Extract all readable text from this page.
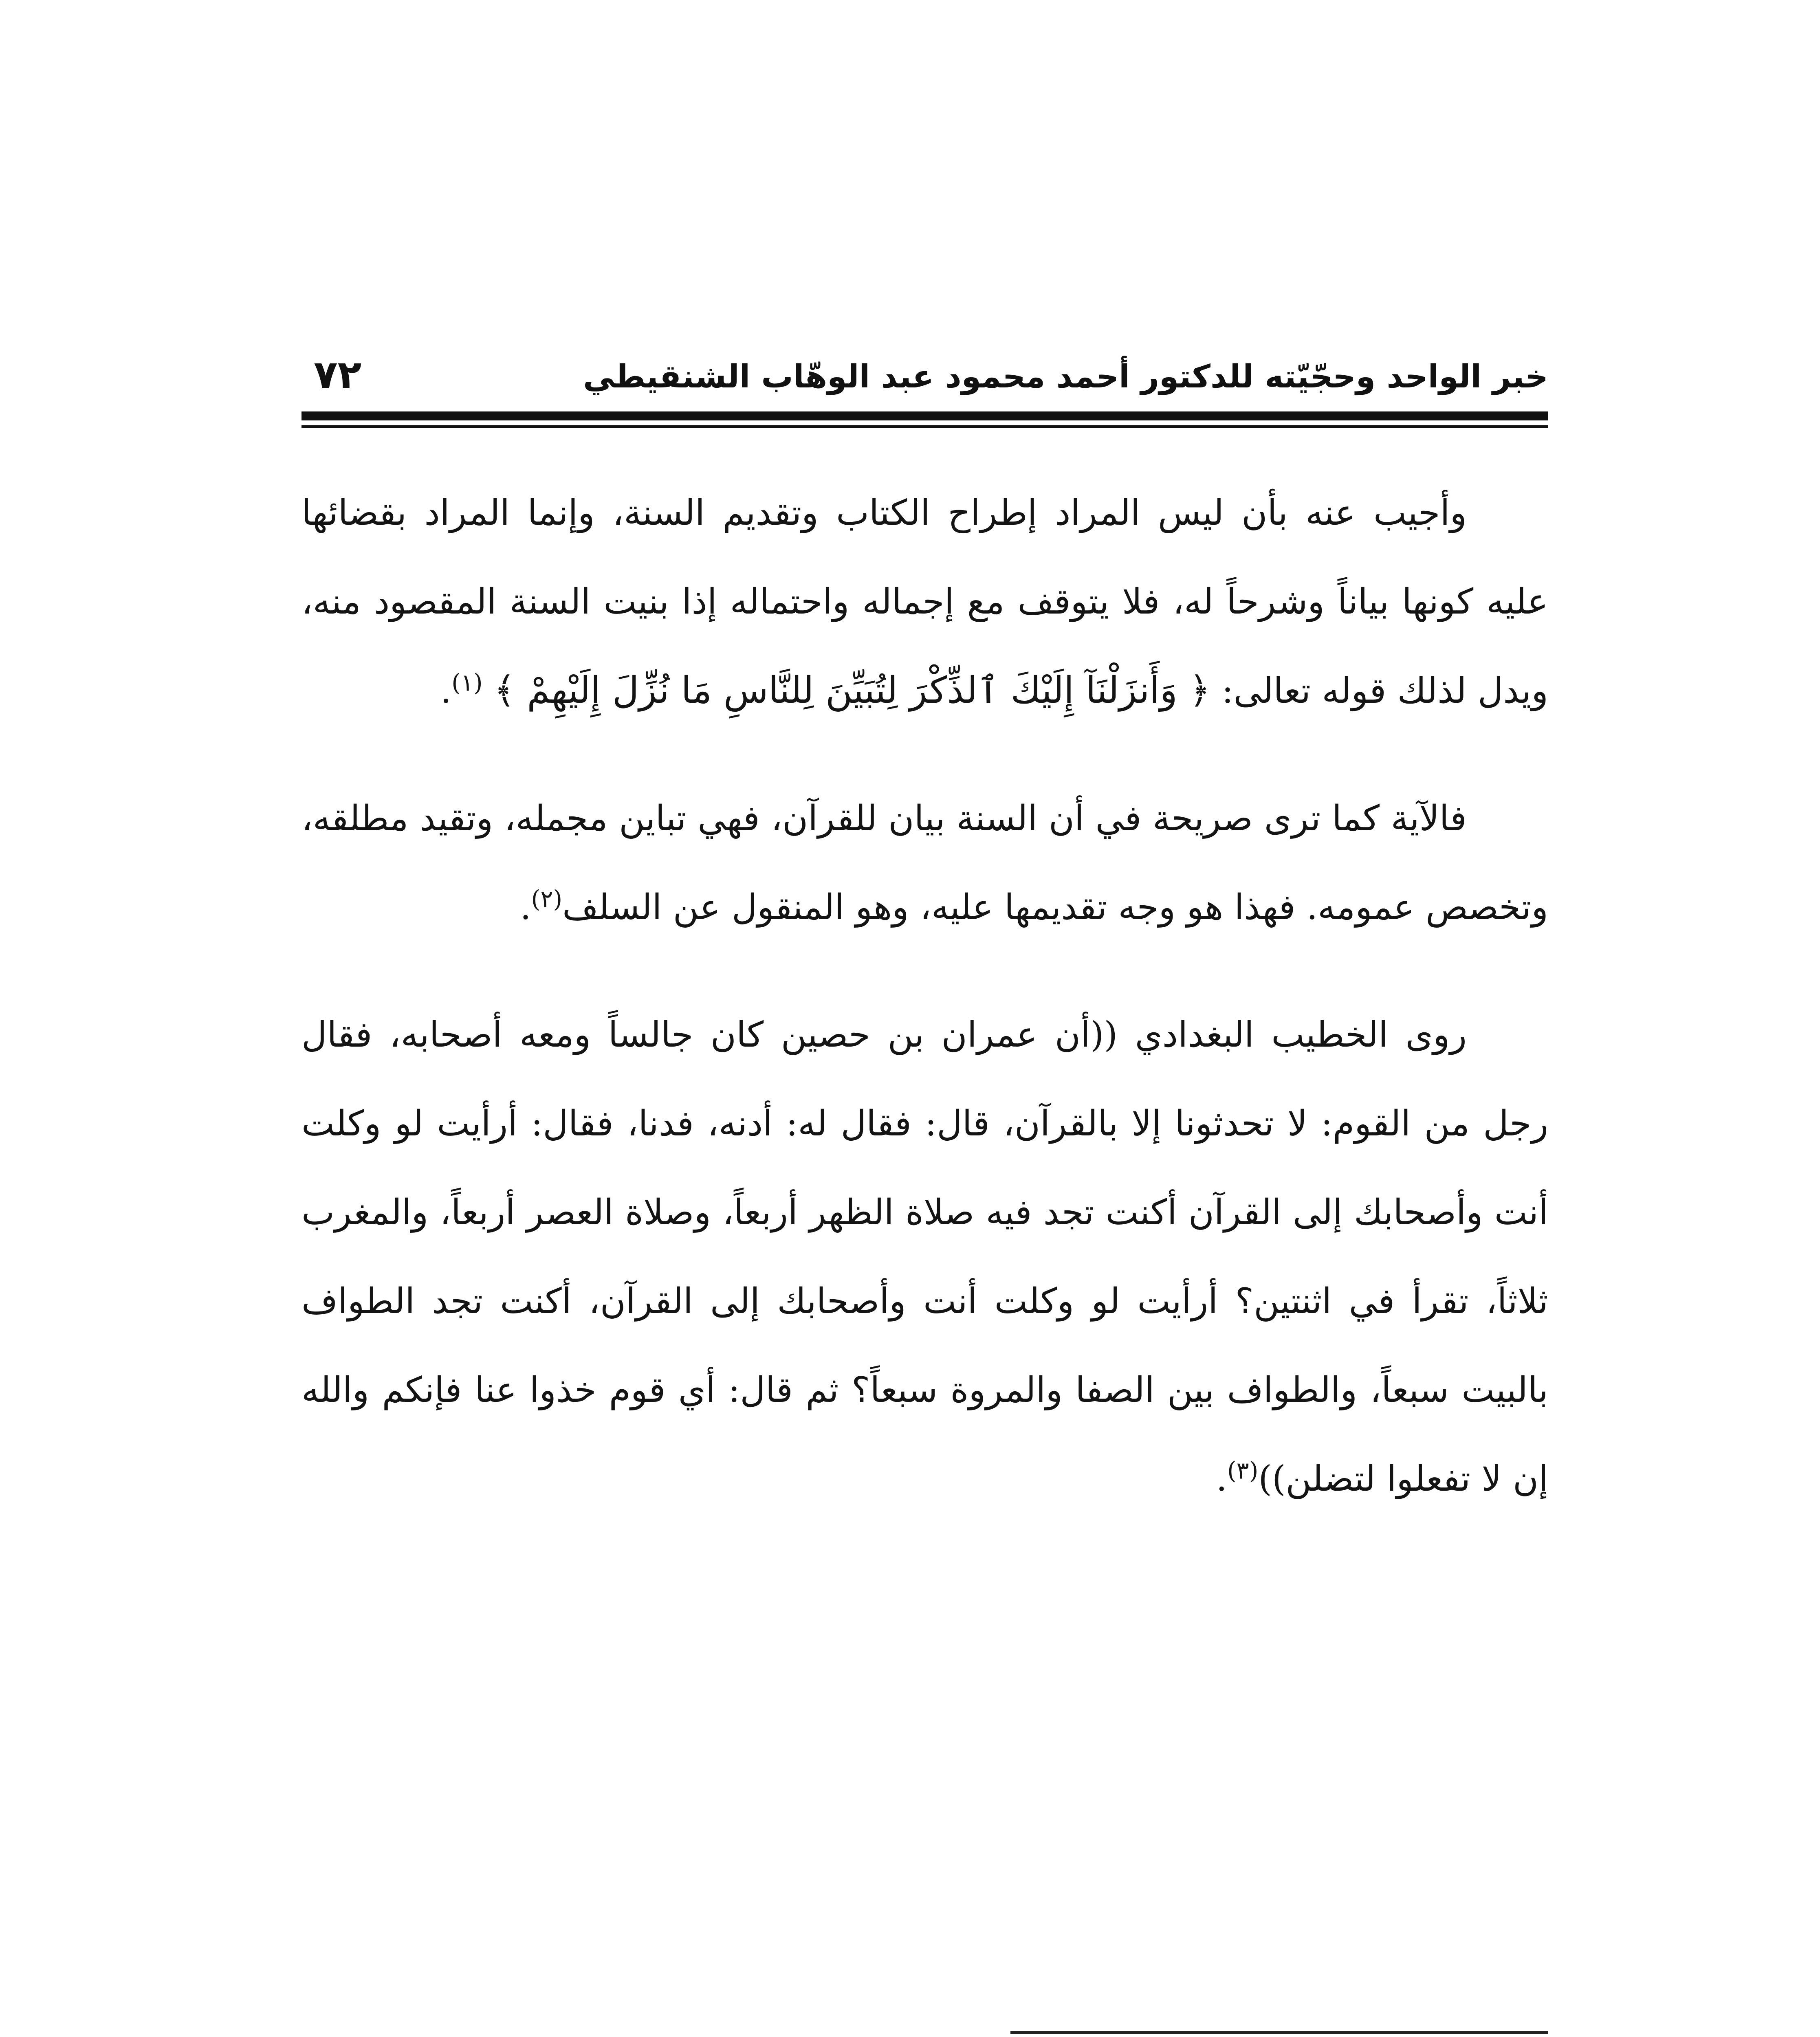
خبر الواحد وحجّيّته للدكتور أحمد محمود عبد الوهّاب الشنقيطي
٧٢

وأجيب عنه بأن ليس المراد إطراح الكتاب وتقديم السنة، وإنما المراد بقضائها عليه كونها بياناً وشرحاً له، فلا يتوقف مع إجماله واحتماله إذا بنيت السنة المقصود منه، ويدل لذلك قوله تعالى: ﴿ وَأَنزَلْنَآ إِلَيْكَ ٱلذِّكْرَ لِتُبَيِّنَ لِلنَّاسِ مَا نُزِّلَ إِلَيْهِمْ ﴾ $^{(١)}$.

فالآية كما ترى صريحة في أن السنة بيان للقرآن، فهي تباين مجمله، وتقيد مطلقه، وتخصص عمومه. فهذا هو وجه تقديمها عليه، وهو المنقول عن السلف$^{(٢)}$.

روى الخطيب البغدادي ((أن عمران بن حصين كان جالساً ومعه أصحابه، فقال رجل من القوم: لا تحدثونا إلا بالقرآن، قال: فقال له: أدنه، فدنا، فقال: أرأيت لو وكلت أنت وأصحابك إلى القرآن أكنت تجد فيه صلاة الظهر أربعاً، وصلاة العصر أربعاً، والمغرب ثلاثاً، تقرأ في اثنتين؟ أرأيت لو وكلت أنت وأصحابك إلى القرآن، أكنت تجد الطواف بالبيت سبعاً، والطواف بين الصفا والمروة سبعاً؟ ثم قال: أي قوم خذوا عنا فإنكم والله إن لا تفعلوا لتضلن))$^{(٣)}$.
